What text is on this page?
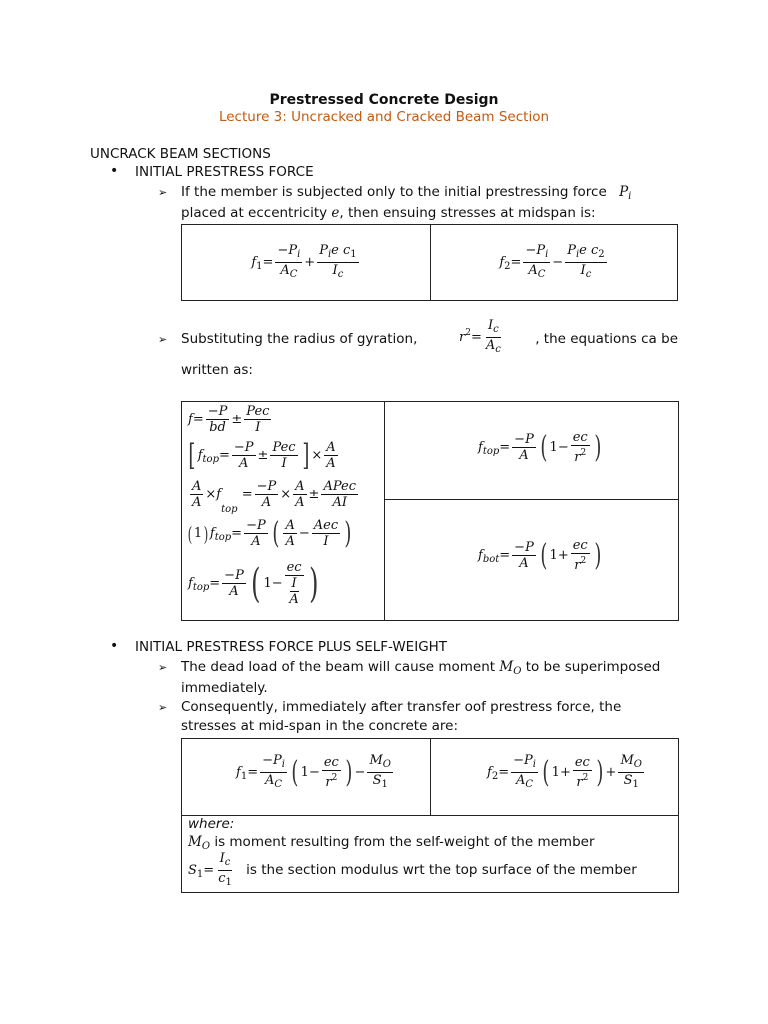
Prestressed Concrete Design
Lecture 3: Uncracked and Cracked Beam Section
UNCRACK BEAM SECTIONS
• INITIAL PRESTRESS FORCE
➢ If the member is subjected only to the initial prestressing force $P_i$
placed at eccentricity e, then ensuing stresses at midspan is:
$f_1= \frac{-P_i}{A_C} + \frac{P_ie c_1}{I_c}$	$f_2= \frac{-P_i}{A_C} - \frac{P_ie c_2}{I_c}$
➢ Substituting the radius of gyration,	$r^2= \frac{I_c}{A_c}$	, the equations ca be
written as:
$f= \frac{-P}{bd} \pm \frac{\text{Pec}}{I}$
[ $f_{top}= \frac{-P}{A} \pm \frac{\text{Pec}}{I}$ ] × $\frac{A}{A}$
$\frac{A}{A} \times f_{top} = \frac{-P}{A} \times \frac{A}{A} \pm \frac{\text{APec}}{AI}$
( 1) $f_{top}= \frac{-P}{A}$ ( $\frac{A}{A} - \frac{\text{Aec}}{I}$ )
$f_{top}= \frac{-P}{A}$ ( $1- \frac{ec}{\frac{I}{A}}$ )
$f_{top}= \frac{-P}{A}$ ( $1- \frac{ec}{r^2}$ )
$f_{bot}= \frac{-P}{A}$ ( $1+ \frac{ec}{r^2}$ )
• INITIAL PRESTRESS FORCE PLUS SELF-WEIGHT
➢ The dead load of the beam will cause moment $M_O$ to be superimposed
immediately.
➢ Consequently, immediately after transfer oof prestress force, the
stresses at mid-span in the concrete are:
$f_1= \frac{-P_i}{A_C}$ ( $1- \frac{ec}{r^2}$ ) − $\frac{M_O}{S_1}$	$f_2= \frac{-P_i}{A_C}$ ( $1+ \frac{ec}{r^2}$ ) + $\frac{M_O}{S_1}$
where:
$M_O$ is moment resulting from the self-weight of the member
$S_1= \frac{I_c}{c_1}$ is the section modulus wrt the top surface of the member
